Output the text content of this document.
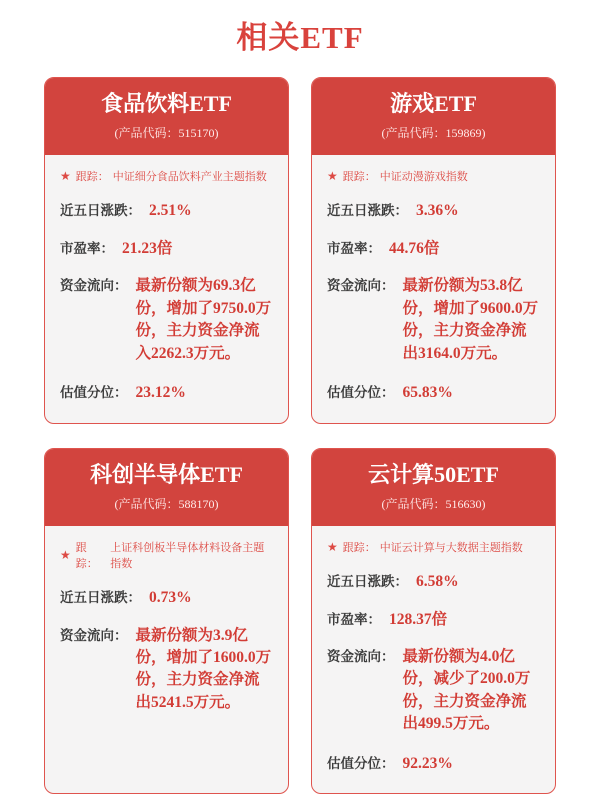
相关ETF
食品饮料ETF
(产品代码：515170)
★ 跟踪： 中证细分食品饮料产业主题指数
近五日涨跌： 2.51%
市盈率： 21.23倍
资金流向： 最新份额为69.3亿份，增加了9750.0万份，主力资金净流入2262.3万元。
估值分位： 23.12%
游戏ETF
(产品代码：159869)
★ 跟踪： 中证动漫游戏指数
近五日涨跌： 3.36%
市盈率： 44.76倍
资金流向： 最新份额为53.8亿份，增加了9600.0万份，主力资金净流出3164.0万元。
估值分位： 65.83%
科创半导体ETF
(产品代码：588170)
★ 跟踪：
上证科创板半导体材料设备主题指数
近五日涨跌： 0.73%
资金流向： 最新份额为3.9亿份，增加了1600.0万份，主力资金净流出5241.5万元。
云计算50ETF
(产品代码：516630)
★ 跟踪： 中证云计算与大数据主题指数
近五日涨跌： 6.58%
市盈率： 128.37倍
资金流向： 最新份额为4.0亿份，减少了200.0万份，主力资金净流出499.5万元。
估值分位： 92.23%
